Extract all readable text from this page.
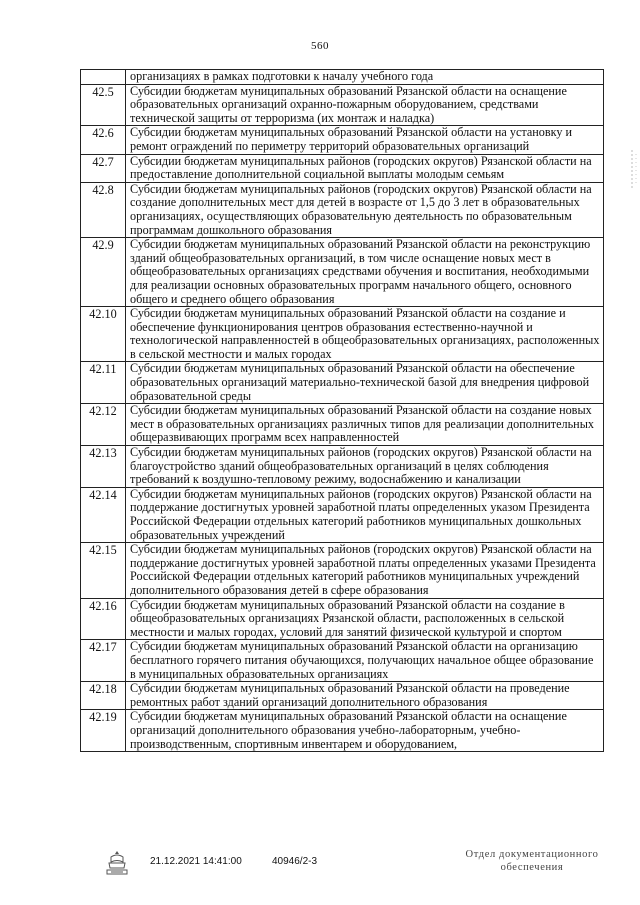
560
	организациях в рамках подготовки к началу учебного года
42.5	Субсидии бюджетам муниципальных образований Рязанской области на оснащение образовательных организаций охранно-пожарным оборудованием, средствами технической защиты от терроризма (их монтаж и наладка)
42.6	Субсидии бюджетам муниципальных образований Рязанской области на установку и ремонт ограждений по периметру территорий образовательных организаций
42.7	Субсидии бюджетам муниципальных районов (городских округов) Рязанской области на предоставление дополнительной социальной выплаты молодым семьям
42.8	Субсидии бюджетам муниципальных районов (городских округов) Рязанской области на создание дополнительных мест для детей в возрасте от 1,5 до 3 лет в образовательных организациях, осуществляющих образовательную деятельность по образовательным программам дошкольного образования
42.9	Субсидии бюджетам муниципальных образований Рязанской области на реконструкцию зданий общеобразовательных организаций, в том числе оснащение новых мест в общеобразовательных организациях средствами обучения и воспитания, необходимыми для реализации основных образовательных программ начального общего, основного общего и среднего общего образования
42.10	Субсидии бюджетам муниципальных образований Рязанской области на создание и обеспечение функционирования центров образования естественно-научной и технологической направленностей в общеобразовательных организациях, расположенных в сельской местности и малых городах
42.11	Субсидии бюджетам муниципальных образований Рязанской области на обеспечение образовательных организаций материально-технической базой для внедрения цифровой образовательной среды
42.12	Субсидии бюджетам муниципальных образований Рязанской области на создание новых мест в образовательных организациях различных типов для реализации дополнительных общеразвивающих программ всех направленностей
42.13	Субсидии бюджетам муниципальных районов (городских округов) Рязанской области на благоустройство зданий общеобразовательных организаций в целях соблюдения требований к воздушно-тепловому режиму, водоснабжению и канализации
42.14	Субсидии бюджетам муниципальных районов (городских округов) Рязанской области на поддержание достигнутых уровней заработной платы определенных указом Президента Российской Федерации отдельных категорий работников муниципальных дошкольных образовательных учреждений
42.15	Субсидии бюджетам муниципальных районов (городских округов) Рязанской области на поддержание достигнутых уровней заработной платы определенных указами Президента Российской Федерации отдельных категорий работников муниципальных учреждений дополнительного образования детей в сфере образования
42.16	Субсидии бюджетам муниципальных образований Рязанской области на создание в общеобразовательных организациях Рязанской области, расположенных в сельской местности и малых городах, условий для занятий физической культурой и спортом
42.17	Субсидии бюджетам муниципальных образований Рязанской области на организацию бесплатного горячего питания обучающихся, получающих начальное общее образование в муниципальных образовательных организациях
42.18	Субсидии бюджетам муниципальных образований Рязанской области на проведение ремонтных работ зданий организаций дополнительного образования
42.19	Субсидии бюджетам муниципальных образований Рязанской области на оснащение организаций дополнительного образования учебно-лабораторным, учебно-производственным, спортивным инвентарем и оборудованием,
21.12.2021 14:41:00	40946/2-3
Отдел документационного
обеспечения
